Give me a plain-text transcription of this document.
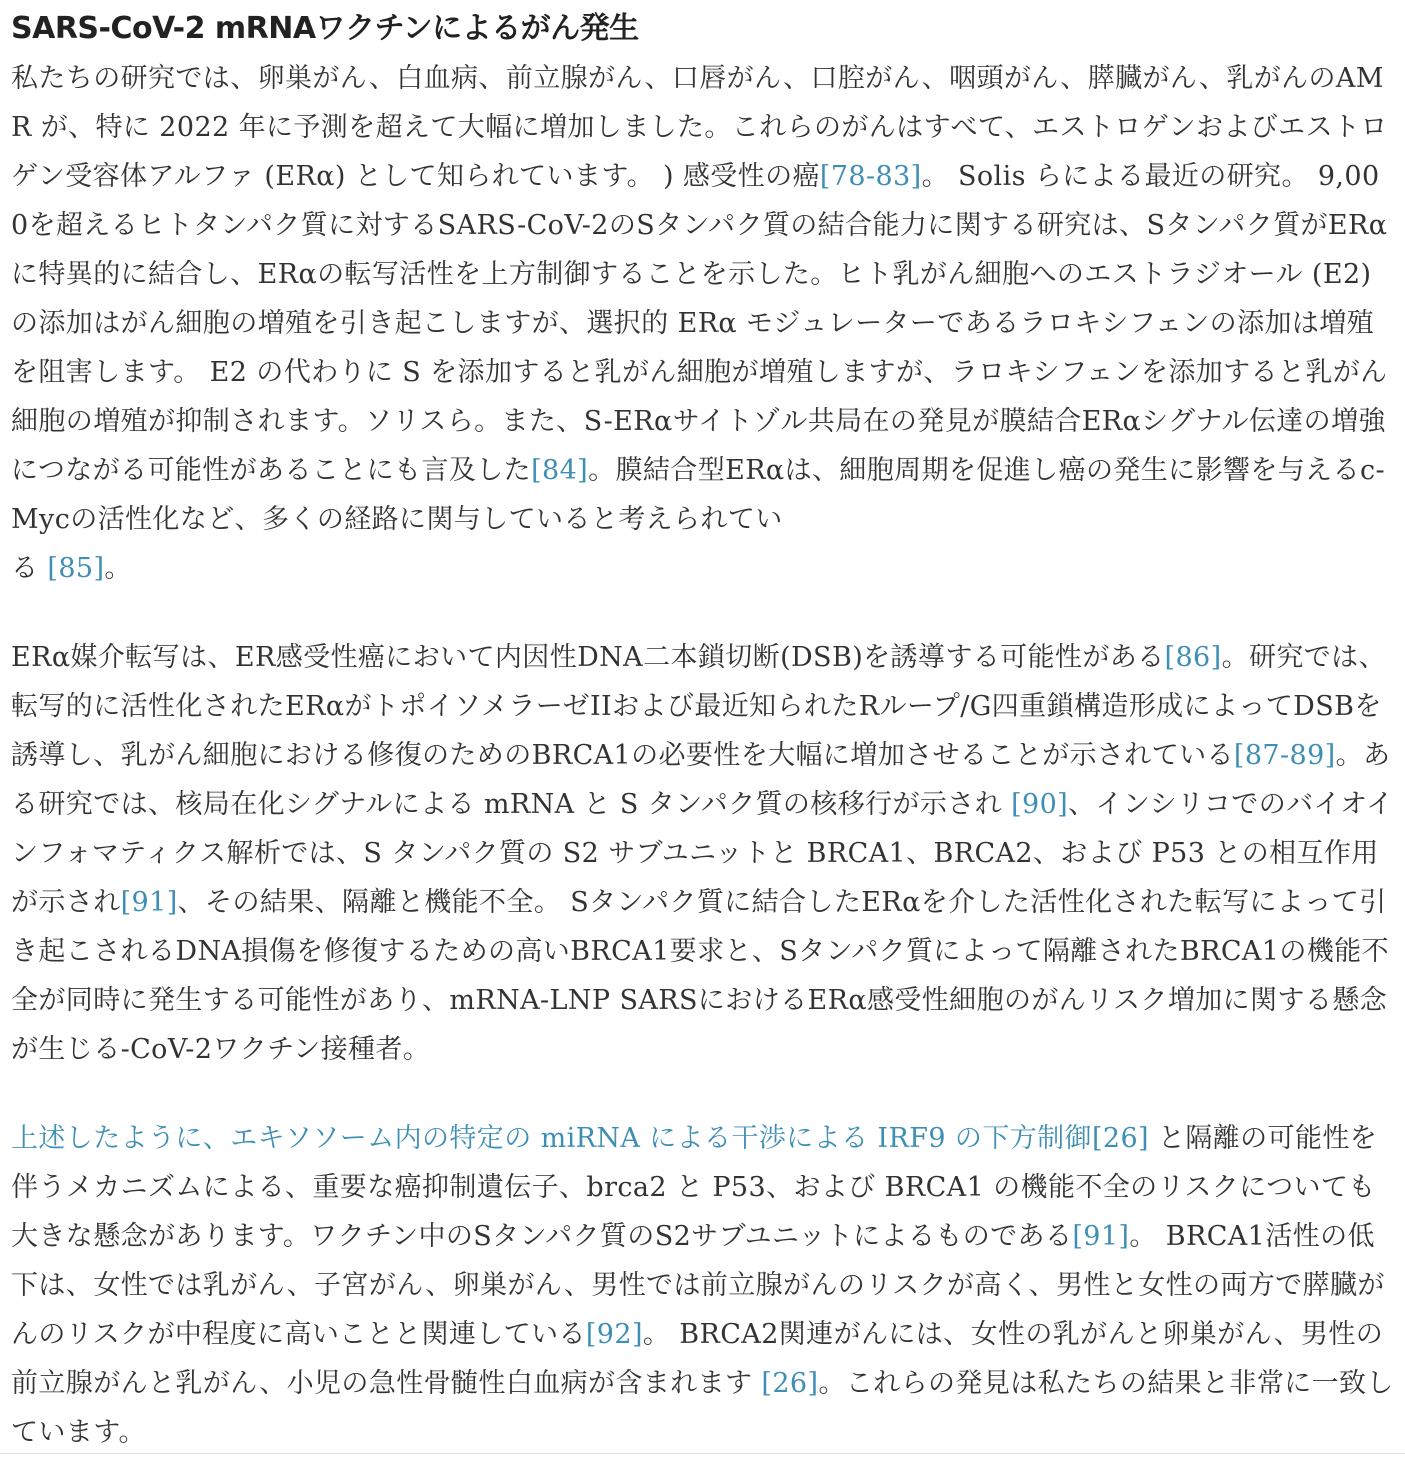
SARS-CoV-2 mRNAワクチンによるがん発生

私たちの研究では、卵巣がん、白血病、前立腺がん、口唇がん、口腔がん、咽頭がん、膵臓がん、乳がんのAMR が、特に 2022 年に予測を超えて大幅に増加しました。これらのがんはすべて、エストロゲンおよびエストロゲン受容体アルファ (ERα) として知られています。 ) 感受性の癌[78-83]。 Solis らによる最近の研究。 9,000を超えるヒトタンパク質に対するSARS-CoV-2のSタンパク質の結合能力に関する研究は、Sタンパク質がERαに特異的に結合し、ERαの転写活性を上方制御することを示した。ヒト乳がん細胞へのエストラジオール (E2) の添加はがん細胞の増殖を引き起こしますが、選択的 ERα モジュレーターであるラロキシフェンの添加は増殖を阻害します。 E2 の代わりに S を添加すると乳がん細胞が増殖しますが、ラロキシフェンを添加すると乳がん細胞の増殖が抑制されます。ソリスら。また、S-ERαサイトゾル共局在の発見が膜結合ERαシグナル伝達の増強につながる可能性があることにも言及した[84]。膜結合型ERαは、細胞周期を促進し癌の発生に影響を与えるc-Mycの活性化など、多くの経路に関与していると考えられてい
る [85]。

ERα媒介転写は、ER感受性癌において内因性DNA二本鎖切断(DSB)を誘導する可能性がある[86]。研究では、転写的に活性化されたERαがトポイソメラーゼIIおよび最近知られたRループ/G四重鎖構造形成によってDSBを誘導し、乳がん細胞における修復のためのBRCA1の必要性を大幅に増加させることが示されている[87-89]。ある研究では、核局在化シグナルによる mRNA と S タンパク質の核移行が示され [90]、インシリコでのバイオインフォマティクス解析では、S タンパク質の S2 サブユニットと BRCA1、BRCA2、および P53 との相互作用が示され[91]、その結果、隔離と機能不全。 Sタンパク質に結合したERαを介した活性化された転写によって引き起こされるDNA損傷を修復するための高いBRCA1要求と、Sタンパク質によって隔離されたBRCA1の機能不全が同時に発生する可能性があり、mRNA-LNP SARSにおけるERα感受性細胞のがんリスク増加に関する懸念が生じる-CoV-2ワクチン接種者。

上述したように、エキソソーム内の特定の miRNA による干渉による IRF9 の下方制御[26] と隔離の可能性を伴うメカニズムによる、重要な癌抑制遺伝子、brca2 と P53、および BRCA1 の機能不全のリスクについても大きな懸念があります。ワクチン中のSタンパク質のS2サブユニットによるものである[91]。 BRCA1活性の低下は、女性では乳がん、子宮がん、卵巣がん、男性では前立腺がんのリスクが高く、男性と女性の両方で膵臓がんのリスクが中程度に高いことと関連している[92]。 BRCA2関連がんには、女性の乳がんと卵巣がん、男性の前立腺がんと乳がん、小児の急性骨髄性白血病が含まれます [26]。これらの発見は私たちの結果と非常に一致しています。
